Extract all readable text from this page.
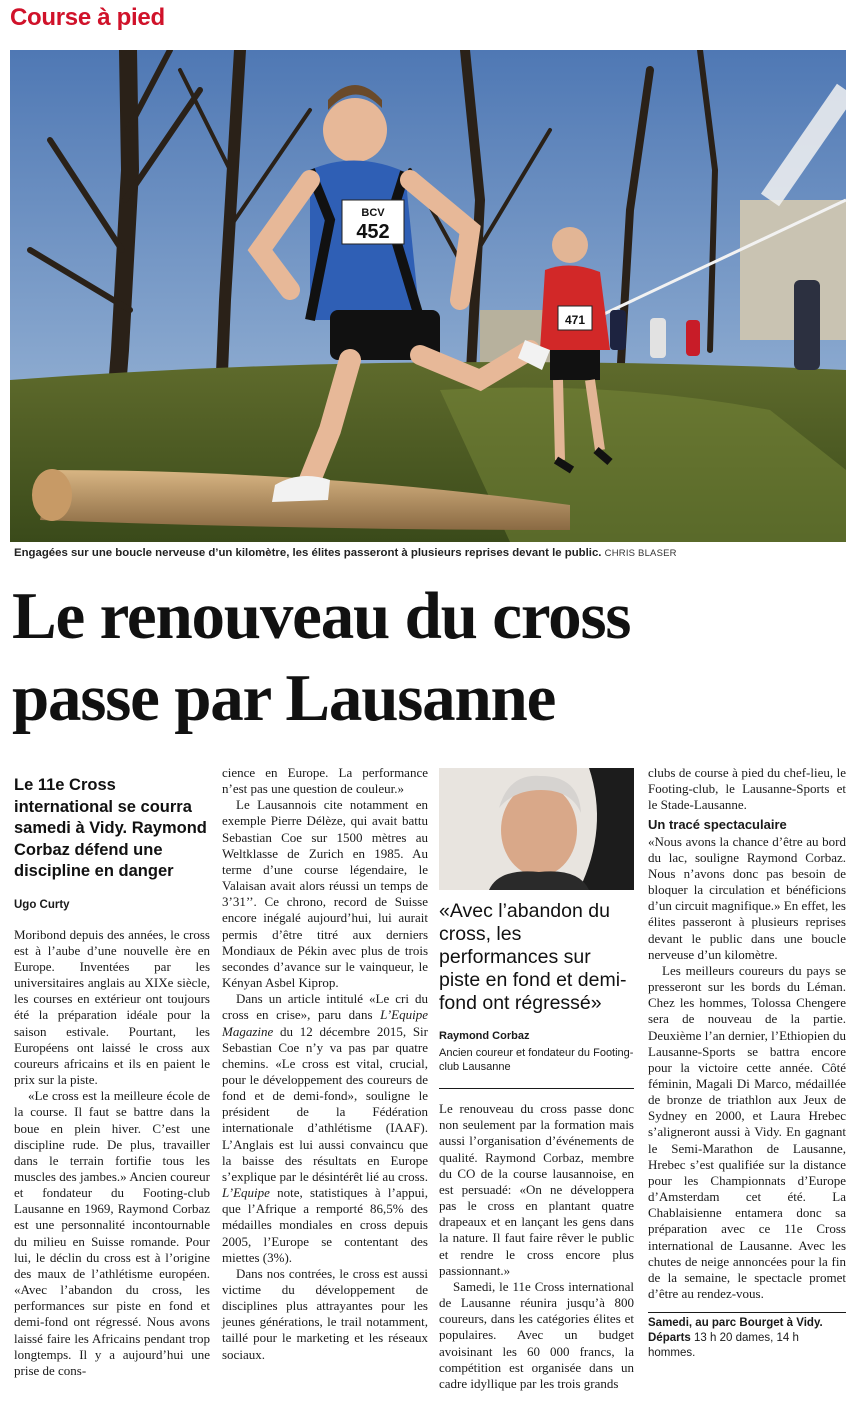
Course à pied
471
BCV
452
Engagées sur une boucle nerveuse d’un kilomètre, les élites passeront à plusieurs reprises devant le public. CHRIS BLASER
Le renouveau du cross
passe par Lausanne
Le 11e Cross international se courra samedi à Vidy. Raymond Corbaz défend une discipline en danger
Ugo Curty

Moribond depuis des années, le cross est à l’aube d’une nouvelle ère en Europe. Inventées par les universitaires anglais au XIXe siècle, les courses en extérieur ont toujours été la préparation idéale pour la saison estivale. Pourtant, les Européens ont laissé le cross aux coureurs africains et ils en paient le prix sur la piste.

«Le cross est la meilleure école de la course. Il faut se battre dans la boue en plein hiver. C’est une discipline rude. De plus, travailler dans le terrain fortifie tous les muscles des jambes.» Ancien coureur et fondateur du Footing-club Lausanne en 1969, Raymond Corbaz est une personnalité incontournable du milieu en Suisse romande. Pour lui, le déclin du cross est à l’origine des maux de l’athlétisme européen. «Avec l’abandon du cross, les performances sur piste en fond et demi-fond ont régressé. Nous avons laissé faire les Africains pendant trop longtemps. Il y a aujourd’hui une prise de cons-

cience en Europe. La performance n’est pas une question de couleur.»

Le Lausannois cite notamment en exemple Pierre Délèze, qui avait battu Sebastian Coe sur 1500 mètres au Weltklasse de Zurich en 1985. Au terme d’une course légendaire, le Valaisan avait alors réussi un temps de 3’31’’. Ce chrono, record de Suisse encore inégalé aujourd’hui, lui aurait permis d’être titré aux derniers Mondiaux de Pékin avec plus de trois secondes d’avance sur le vainqueur, le Kényan Asbel Kiprop.

Dans un article intitulé «Le cri du cross en crise», paru dans L’Equipe Magazine du 12 décembre 2015, Sir Sebastian Coe n’y va pas par quatre chemins. «Le cross est vital, crucial, pour le développement des coureurs de fond et de demi-fond», souligne le président de la Fédération internationale d’athlétisme (IAAF). L’Anglais est lui aussi convaincu que la baisse des résultats en Europe s’explique par le désintérêt lié au cross. L’Equipe note, statistiques à l’appui, que l’Afrique a remporté 86,5% des médailles mondiales en cross depuis 2005, l’Europe se contentant des miettes (3%).

Dans nos contrées, le cross est aussi victime du développement de disciplines plus attrayantes pour les jeunes générations, le trail notamment, taillé pour le marketing et les réseaux sociaux.

«Avec l’abandon du cross, les performances sur piste en fond et demi-fond ont régressé»
Raymond Corbaz
Ancien coureur et fondateur du Footing-club Lausanne

Le renouveau du cross passe donc non seulement par la formation mais aussi l’organisation d’événements de qualité. Raymond Corbaz, membre du CO de la course lausannoise, en est persuadé: «On ne développera pas le cross en plantant quatre drapeaux et en lançant les gens dans la nature. Il faut faire rêver le public et rendre le cross encore plus passionnant.»

Samedi, le 11e Cross international de Lausanne réunira jusqu’à 800 coureurs, dans les catégories élites et populaires. Avec un budget avoisinant les 60 000 francs, la compétition est organisée dans un cadre idyllique par les trois grands

clubs de course à pied du chef-lieu, le Footing-club, le Lausanne-Sports et le Stade-Lausanne.

Un tracé spectaculaire

«Nous avons la chance d’être au bord du lac, souligne Raymond Corbaz. Nous n’avons donc pas besoin de bloquer la circulation et bénéficions d’un circuit magnifique.» En effet, les élites passeront à plusieurs reprises devant le public dans une boucle nerveuse d’un kilomètre.

Les meilleurs coureurs du pays se presseront sur les bords du Léman. Chez les hommes, Tolossa Chengere sera de nouveau de la partie. Deuxième l’an dernier, l’Ethiopien du Lausanne-Sports se battra encore pour la victoire cette année. Côté féminin, Magali Di Marco, médaillée de bronze de triathlon aux Jeux de Sydney en 2000, et Laura Hrebec s’aligneront aussi à Vidy. En gagnant le Semi-Marathon de Lausanne, Hrebec s’est qualifiée sur la distance pour les Championnats d’Europe d’Amsterdam cet été. La Chablaisienne entamera donc sa préparation avec ce 11e Cross international de Lausanne. Avec les chutes de neige annoncées pour la fin de la semaine, le spectacle promet d’être au rendez-vous.

Samedi, au parc Bourget à Vidy. Départs 13 h 20 dames, 14 h hommes.
